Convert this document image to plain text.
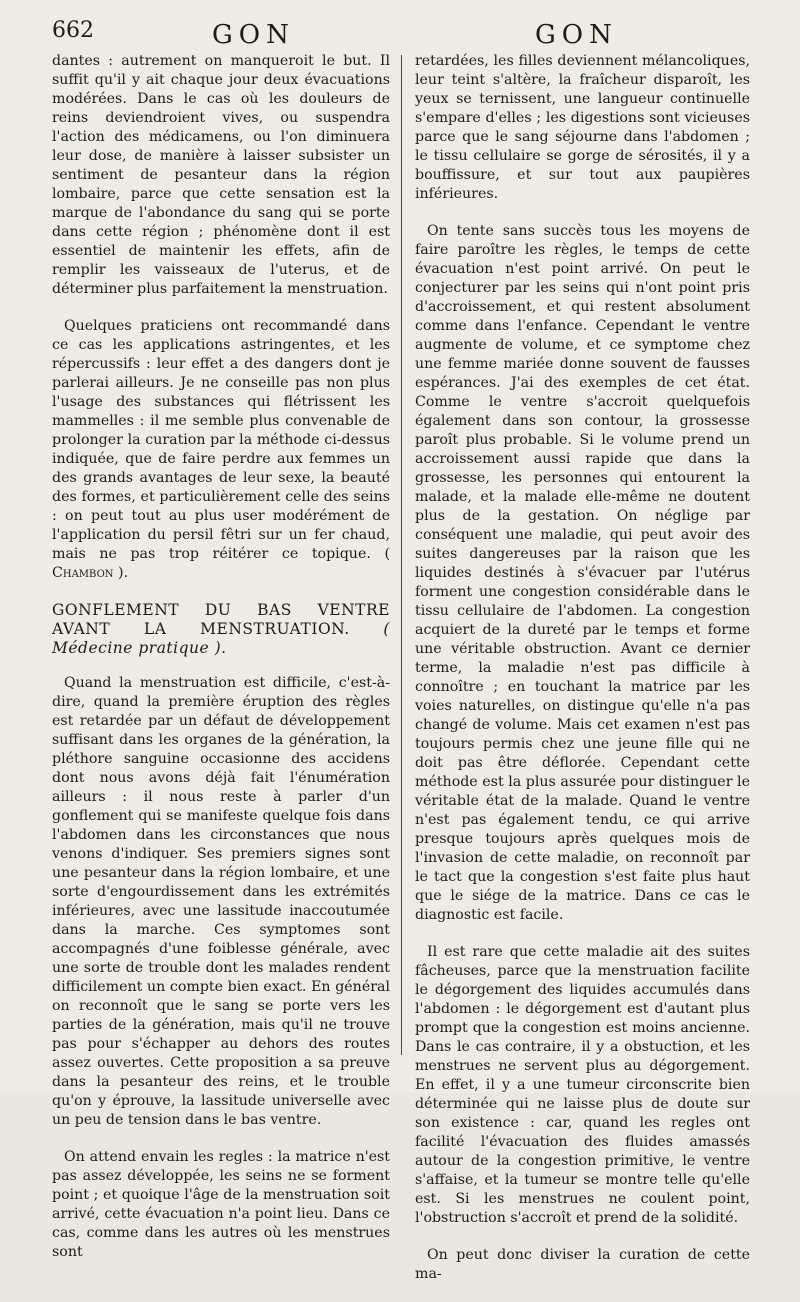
662	GON	GON

dantes : autrement on manqueroit le but. Il suffit qu'il y ait chaque jour deux évacuations modérées. Dans le cas où les douleurs de reins deviendroient vives, ou suspendra l'action des médicamens, ou l'on diminuera leur dose, de manière à laisser subsister un sentiment de pesanteur dans la région lombaire, parce que cette sensation est la marque de l'abondance du sang qui se porte dans cette région ; phénomène dont il est essentiel de maintenir les effets, afin de remplir les vaisseaux de l'uterus, et de déterminer plus parfaitement la menstruation.

Quelques praticiens ont recommandé dans ce cas les applications astringentes, et les répercussifs : leur effet a des dangers dont je parlerai ailleurs. Je ne conseille pas non plus l'usage des substances qui flétrissent les mammelles : il me semble plus convenable de prolonger la curation par la méthode ci-dessus indiquée, que de faire perdre aux femmes un des grands avantages de leur sexe, la beauté des formes, et particulièrement celle des seins : on peut tout au plus user modérément de l'application du persil fêtri sur un fer chaud, mais ne pas trop réitérer ce topique. ( Chambon ).

GONFLEMENT DU BAS VENTRE AVANT LA MENSTRUATION. ( Médecine pratique ).

Quand la menstruation est difficile, c'est-à-dire, quand la première éruption des règles est retardée par un défaut de développement suffisant dans les organes de la génération, la pléthore sanguine occasionne des accidens dont nous avons déjà fait l'énumération ailleurs : il nous reste à parler d'un gonflement qui se manifeste quelque fois dans l'abdomen dans les circonstances que nous venons d'indiquer. Ses premiers signes sont une pesanteur dans la région lombaire, et une sorte d'engourdissement dans les extrémités inférieures, avec une lassitude inaccoutumée dans la marche. Ces symptomes sont accompagnés d'une foiblesse générale, avec une sorte de trouble dont les malades rendent difficilement un compte bien exact. En général on reconnoît que le sang se porte vers les parties de la génération, mais qu'il ne trouve pas pour s'échapper au dehors des routes assez ouvertes. Cette proposition a sa preuve dans la pesanteur des reins, et le trouble qu'on y éprouve, la lassitude universelle avec un peu de tension dans le bas ventre.

On attend envain les regles : la matrice n'est pas assez développée, les seins ne se forment point ; et quoique l'âge de la menstruation soit arrivé, cette évacuation n'a point lieu. Dans ce cas, comme dans les autres où les menstrues sont

retardées, les filles deviennent mélancoliques, leur teint s'altère, la fraîcheur disparoît, les yeux se ternissent, une langueur continuelle s'empare d'elles ; les digestions sont vicieuses parce que le sang séjourne dans l'abdomen ; le tissu cellulaire se gorge de sérosités, il y a bouffissure, et sur tout aux paupières inférieures.

On tente sans succès tous les moyens de faire paroître les règles, le temps de cette évacuation n'est point arrivé. On peut le conjecturer par les seins qui n'ont point pris d'accroissement, et qui restent absolument comme dans l'enfance. Cependant le ventre augmente de volume, et ce symptome chez une femme mariée donne souvent de fausses espérances. J'ai des exemples de cet état. Comme le ventre s'accroit quelquefois également dans son contour, la grossesse paroît plus probable. Si le volume prend un accroissement aussi rapide que dans la grossesse, les personnes qui entourent la malade, et la malade elle-même ne doutent plus de la gestation. On néglige par conséquent une maladie, qui peut avoir des suites dangereuses par la raison que les liquides destinés à s'évacuer par l'utérus forment une congestion considérable dans le tissu cellulaire de l'abdomen. La congestion acquiert de la dureté par le temps et forme une véritable obstruction. Avant ce dernier terme, la maladie n'est pas difficile à connoître ; en touchant la matrice par les voies naturelles, on distingue qu'elle n'a pas changé de volume. Mais cet examen n'est pas toujours permis chez une jeune fille qui ne doit pas être déflorée. Cependant cette méthode est la plus assurée pour distinguer le véritable état de la malade. Quand le ventre n'est pas également tendu, ce qui arrive presque toujours après quelques mois de l'invasion de cette maladie, on reconnoît par le tact que la congestion s'est faite plus haut que le siége de la matrice. Dans ce cas le diagnostic est facile.

Il est rare que cette maladie ait des suites fâcheuses, parce que la menstruation facilite le dégorgement des liquides accumulés dans l'abdomen : le dégorgement est d'autant plus prompt que la congestion est moins ancienne. Dans le cas contraire, il y a obstuction, et les menstrues ne servent plus au dégorgement. En effet, il y a une tumeur circonscrite bien déterminée qui ne laisse plus de doute sur son existence : car, quand les regles ont facilité l'évacuation des fluides amassés autour de la congestion primitive, le ventre s'affaise, et la tumeur se montre telle qu'elle est. Si les menstrues ne coulent point, l'obstruction s'accroît et prend de la solidité.

On peut donc diviser la curation de cette ma-
